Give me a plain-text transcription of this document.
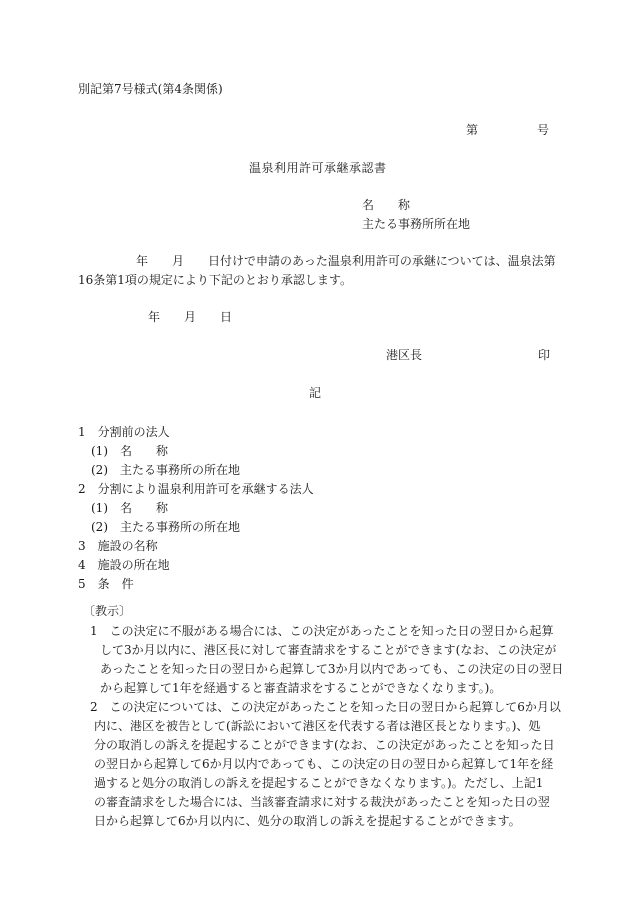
別記第7号様式(第4条関係)
第	号
温泉利用許可承継承認書
名　　称
主たる事務所所在地
年　　月　　日付けで申請のあった温泉利用許可の承継については、温泉法第
16条第1項の規定により下記のとおり承認します。
年　　月　　日
港区長	印
記
1　分割前の法人
(1)　名　　称
(2)　主たる事務所の所在地
2　分割により温泉利用許可を承継する法人
(1)　名　　称
(2)　主たる事務所の所在地
3　施設の名称
4　施設の所在地
5　条　件
〔教示〕
1　この決定に不服がある場合には、この決定があったことを知った日の翌日から起算
して3か月以内に、港区長に対して審査請求をすることができます(なお、この決定が
あったことを知った日の翌日から起算して3か月以内であっても、この決定の日の翌日
から起算して1年を経過すると審査請求をすることができなくなります。)。
2　この決定については、この決定があったことを知った日の翌日から起算して6か月以
内に、港区を被告として(訴訟において港区を代表する者は港区長となります。)、処
分の取消しの訴えを提起することができます(なお、この決定があったことを知った日
の翌日から起算して6か月以内であっても、この決定の日の翌日から起算して1年を経
過すると処分の取消しの訴えを提起することができなくなります。)。ただし、上記1
の審査請求をした場合には、当該審査請求に対する裁決があったことを知った日の翌
日から起算して6か月以内に、処分の取消しの訴えを提起することができます。
